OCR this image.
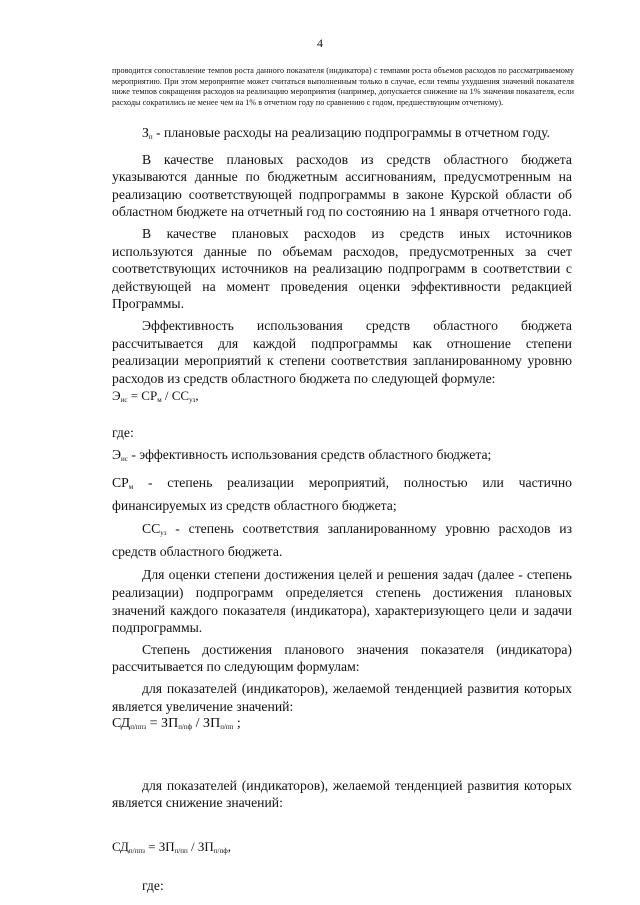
4
проводится сопоставление темпов роста данного показателя (индикатора) с темпами роста объемов расходов по рассматриваемому мероприятию. При этом мероприятие может считаться выполненным только в случае, если темпы ухудшения значений показателя ниже темпов сокращения расходов на реализацию мероприятия (например, допускается снижение на 1% значения показателя, если расходы сократились не менее чем на 1% в отчетном году по сравнению с годом, предшествующим отчетному).

$З_п$ - плановые расходы на реализацию подпрограммы в отчетном году.

В качестве плановых расходов из средств областного бюджета указываются данные по бюджетным ассигнованиям, предусмотренным на реализацию соответствующей подпрограммы в законе Курской области об областном бюджете на отчетный год по состоянию на 1 января отчетного года.

В качестве плановых расходов из средств иных источников используются данные по объемам расходов, предусмотренных за счет соответствующих источников на реализацию подпрограмм в соответствии с действующей на момент проведения оценки эффективности редакцией Программы.

Эффективность использования средств областного бюджета рассчитывается для каждой подпрограммы как отношение степени реализации мероприятий к степени соответствия запланированному уровню расходов из средств областного бюджета по следующей формуле:

$Э_{ис} = СР_м / СС_{уз}$,

где:

$Э_{ис}$ - эффективность использования средств областного бюджета;

$СР_м$ - степень реализации мероприятий, полностью или частично финансируемых из средств областного бюджета;

$СС_{уз}$ - степень соответствия запланированному уровню расходов из средств областного бюджета.

Для оценки степени достижения целей и решения задач (далее - степень реализации) подпрограмм определяется степень достижения плановых значений каждого показателя (индикатора), характеризующего цели и задачи подпрограммы.

Степень достижения планового значения показателя (индикатора) рассчитывается по следующим формулам:

для показателей (индикаторов), желаемой тенденцией развития которых является увеличение значений:

$СД_{п/ппз} = ЗП_{п/пф} / ЗП_{п/пп}$ ;

для показателей (индикаторов), желаемой тенденцией развития которых является снижение значений:

$СД_{п/ппз} = ЗП_{п/пп} / ЗП_{п/пф}$,

где:
